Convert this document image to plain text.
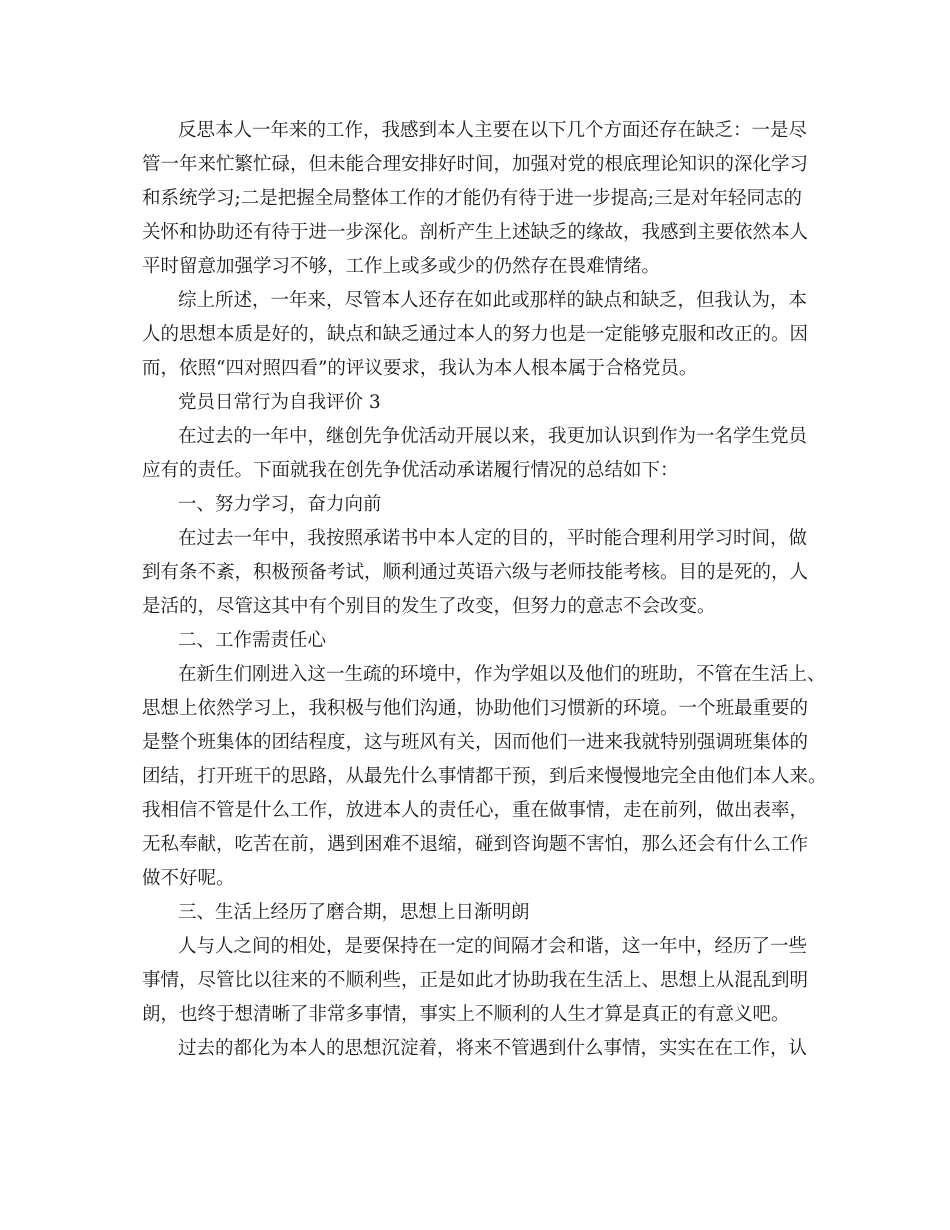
反思本人一年来的工作，我感到本人主要在以下几个方面还存在缺乏：一是尽
管一年来忙繁忙碌，但未能合理安排好时间，加强对党的根底理论知识的深化学习
和系统学习;二是把握全局整体工作的才能仍有待于进一步提高;三是对年轻同志的
关怀和协助还有待于进一步深化。剖析产生上述缺乏的缘故，我感到主要依然本人
平时留意加强学习不够，工作上或多或少的仍然存在畏难情绪。
综上所述，一年来，尽管本人还存在如此或那样的缺点和缺乏，但我认为，本
人的思想本质是好的，缺点和缺乏通过本人的努力也是一定能够克服和改正的。因
而，依照“四对照四看”的评议要求，我认为本人根本属于合格党员。
党员日常行为自我评价 3
在过去的一年中，继创先争优活动开展以来，我更加认识到作为一名学生党员
应有的责任。下面就我在创先争优活动承诺履行情况的总结如下：
一、努力学习，奋力向前
在过去一年中，我按照承诺书中本人定的目的，平时能合理利用学习时间，做
到有条不紊，积极预备考试，顺利通过英语六级与老师技能考核。目的是死的，人
是活的，尽管这其中有个别目的发生了改变，但努力的意志不会改变。
二、工作需责任心
在新生们刚进入这一生疏的环境中，作为学姐以及他们的班助，不管在生活上、
思想上依然学习上，我积极与他们沟通，协助他们习惯新的环境。一个班最重要的
是整个班集体的团结程度，这与班风有关，因而他们一进来我就特别强调班集体的
团结，打开班干的思路，从最先什么事情都干预，到后来慢慢地完全由他们本人来。
我相信不管是什么工作，放进本人的责任心，重在做事情，走在前列，做出表率，
无私奉献，吃苦在前，遇到困难不退缩，碰到咨询题不害怕，那么还会有什么工作
做不好呢。
三、生活上经历了磨合期，思想上日渐明朗
人与人之间的相处，是要保持在一定的间隔才会和谐，这一年中，经历了一些
事情，尽管比以往来的不顺利些，正是如此才协助我在生活上、思想上从混乱到明
朗，也终于想清晰了非常多事情，事实上不顺利的人生才算是真正的有意义吧。
过去的都化为本人的思想沉淀着，将来不管遇到什么事情，实实在在工作，认
